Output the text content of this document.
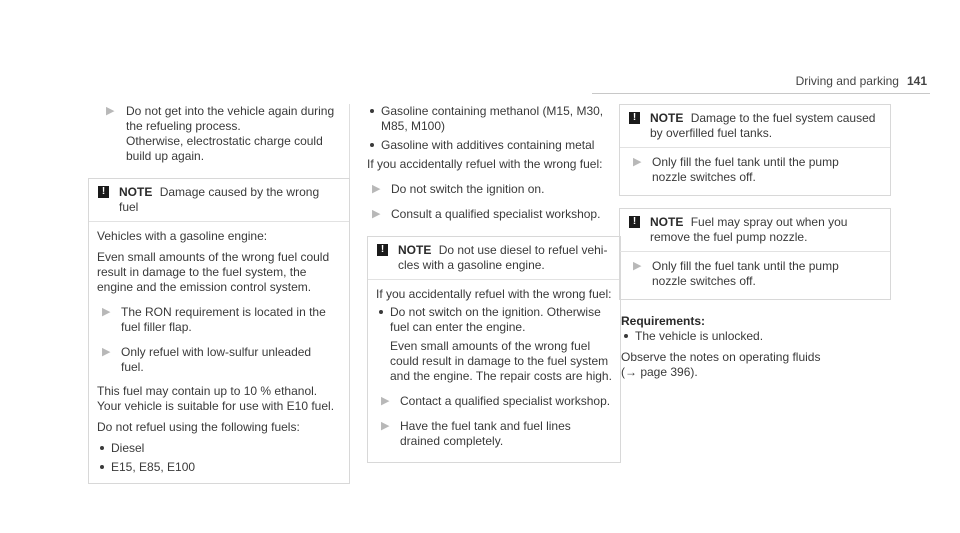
Driving and parking 141
▶ Do not get into the vehicle again during
the refueling process.
Otherwise, electrostatic charge could
build up again.
!	NOTE Damage caused by the wrong fuel

Vehicles with a gasoline engine:

Even small amounts of the wrong fuel could
result in damage to the fuel system, the
engine and the emission control system.

▶ The RON requirement is located in the
fuel filler flap.
▶ Only refuel with low-sulfur unleaded
fuel.

This fuel may contain up to 10 % ethanol.
Your vehicle is suitable for use with E10 fuel.

Do not refuel using the following fuels:

Diesel
E15, E85, E100
Gasoline containing methanol (M15, M30,
M85, M100)
Gasoline with additives containing metal

If you accidentally refuel with the wrong fuel:

▶ Do not switch the ignition on.
▶ Consult a qualified specialist workshop.
!	NOTE Do not use diesel to refuel vehi-
cles with a gasoline engine.

If you accidentally refuel with the wrong fuel:

Do not switch on the ignition. Otherwise
fuel can enter the engine.

Even small amounts of the wrong fuel
could result in damage to the fuel system
and the engine. The repair costs are high.

▶ Contact a qualified specialist workshop.
▶ Have the fuel tank and fuel lines
drained completely.
!	NOTE Damage to the fuel system caused
by overfilled fuel tanks.
▶ Only fill the fuel tank until the pump
nozzle switches off.
!	NOTE Fuel may spray out when you
remove the fuel pump nozzle.
▶ Only fill the fuel tank until the pump
nozzle switches off.
Requirements:
The vehicle is unlocked.

Observe the notes on operating fluids
(→ page 396).
